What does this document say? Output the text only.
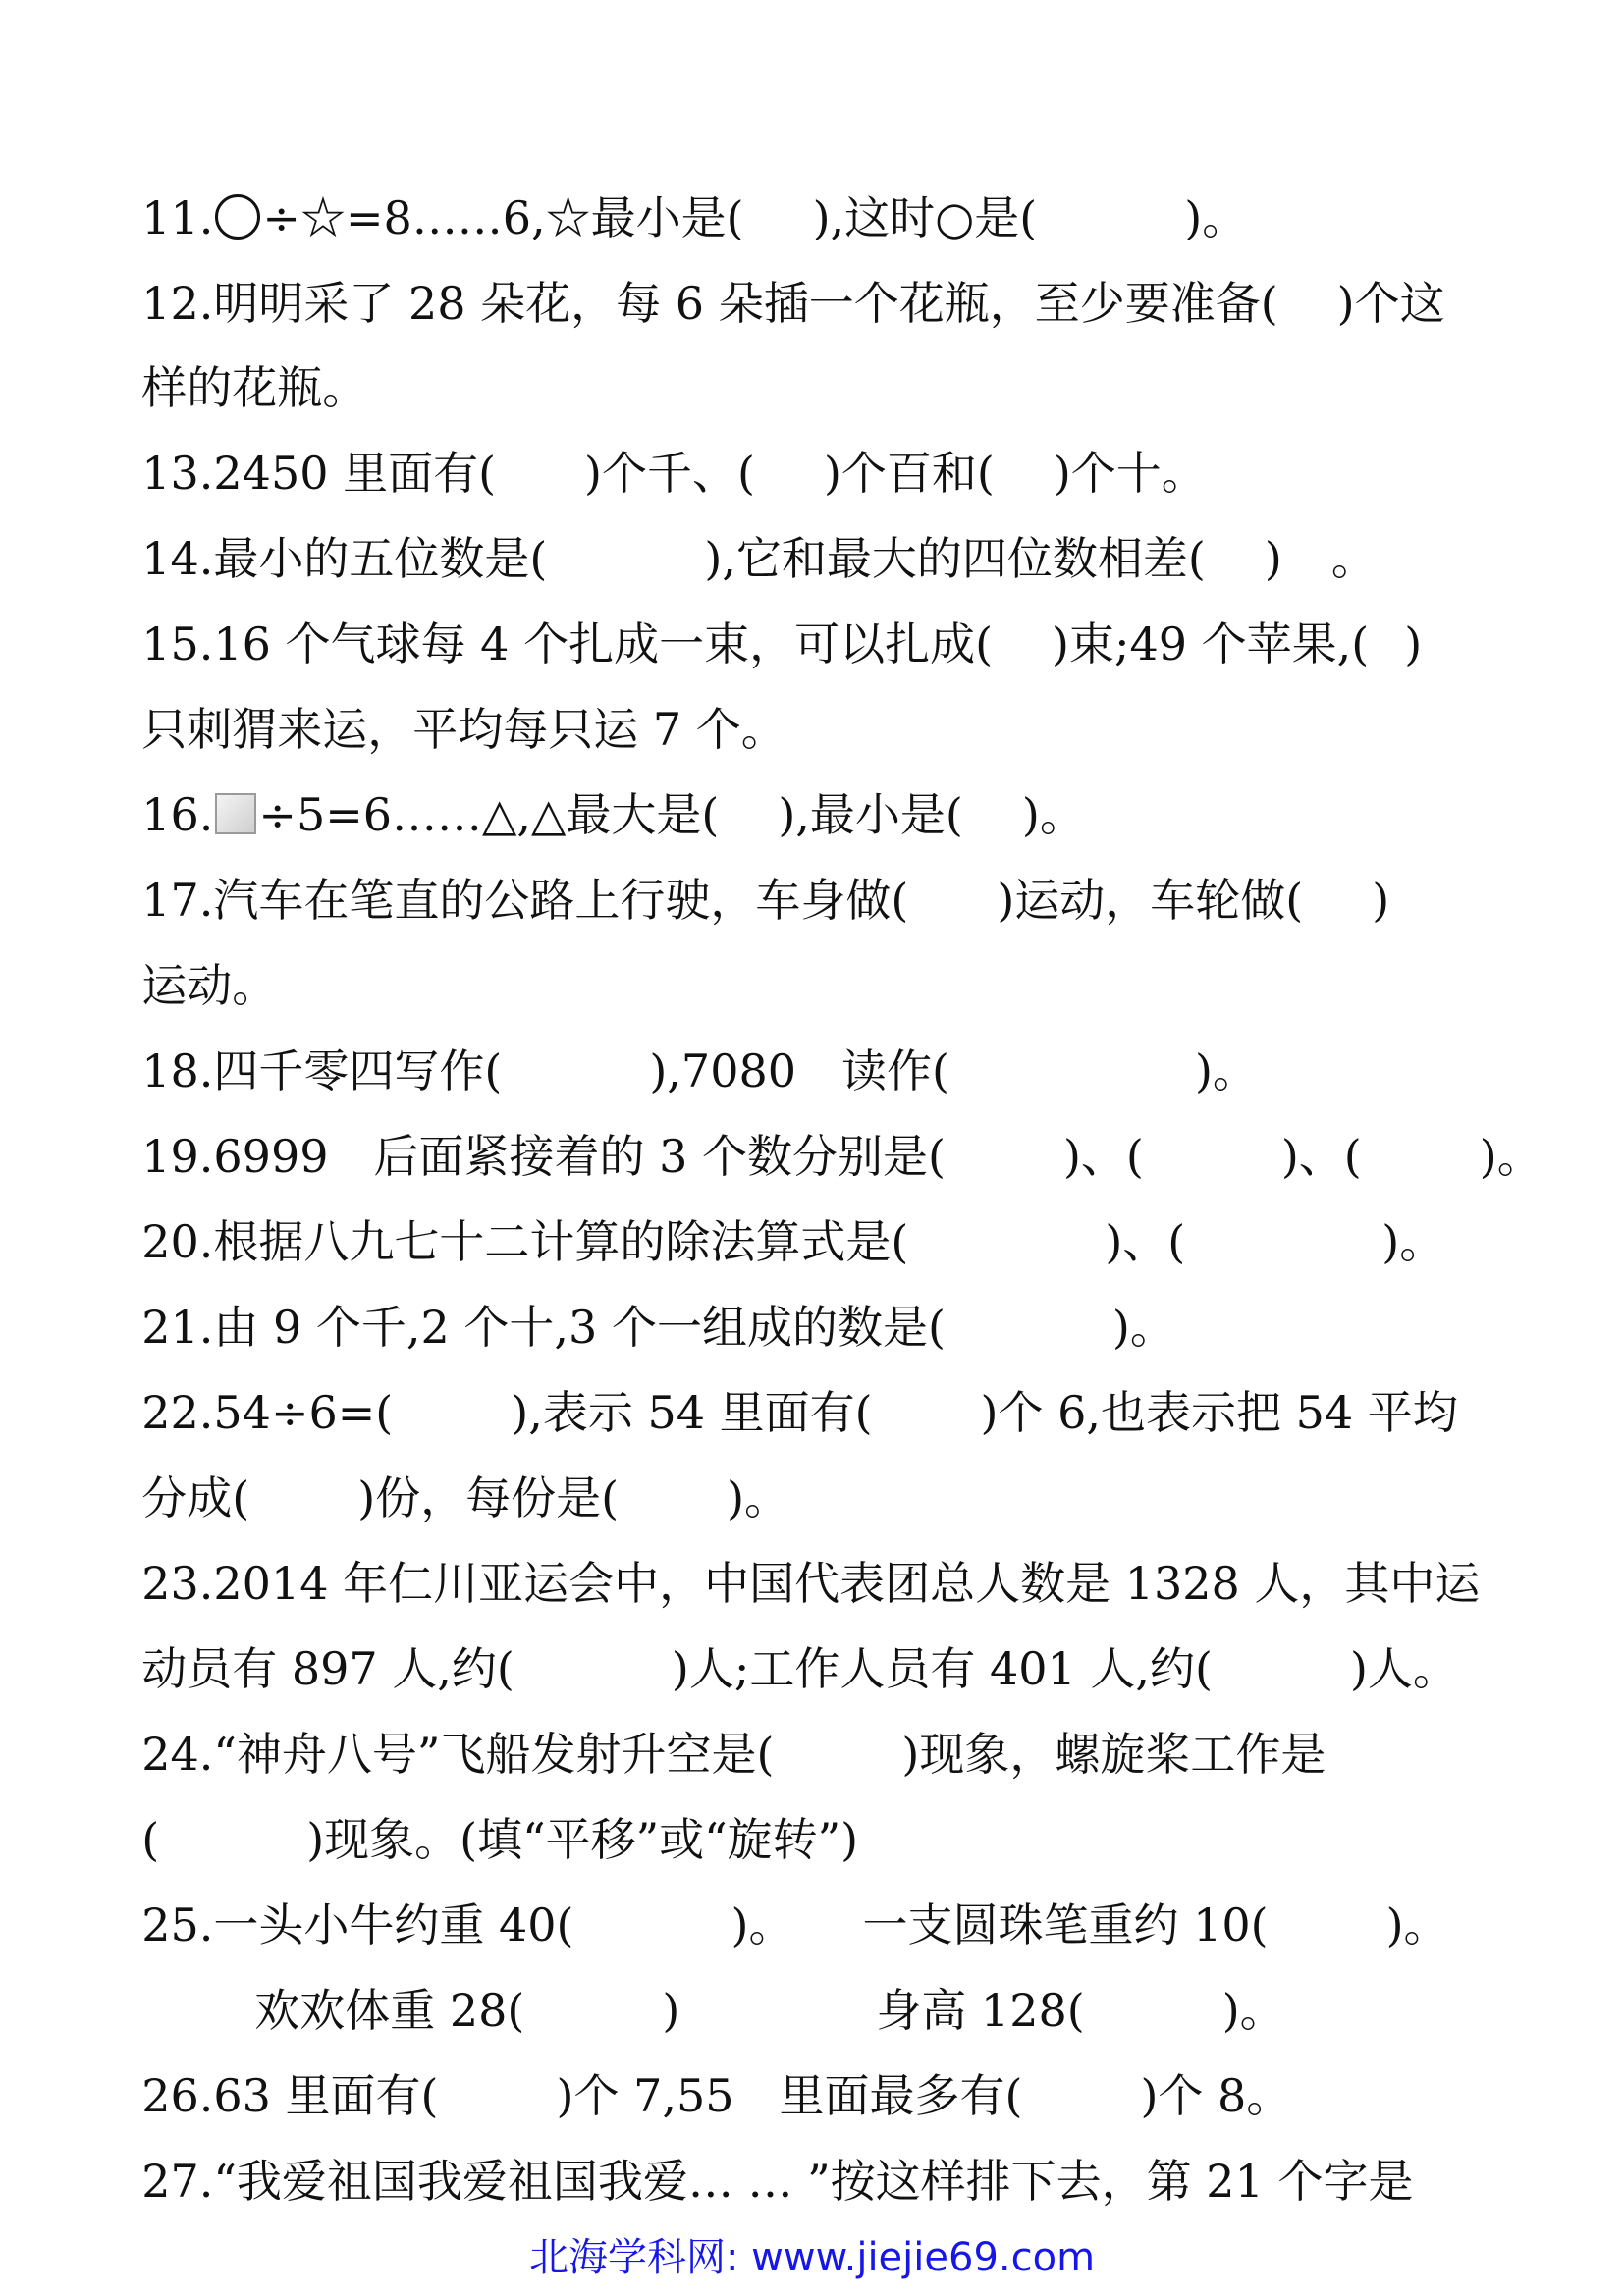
11. ÷☆=8……6,☆最小是( ),这时○是(	)。

12.明明采了 28 朵花，每 6 朵插一个花瓶，至少要准备( )个这

样的花瓶。

13.2450 里面有( )个千、( )个百和( )个十。

14.最小的五位数是(	),它和最大的四位数相差( ) 。

15.16 个气球每 4 个扎成一束，可以扎成( )束;49 个苹果,( )

只刺猬来运，平均每只运 7 个。

16. ÷5=6……△,△最大是( ),最小是( )。

17.汽车在笔直的公路上行驶，车身做( )运动，车轮做( )

运动。

18.四千零四写作(	),7080　读作(	)。

19.6999　后面紧接着的 3 个数分别是(	)、(	)、(	)。

20.根据八九七十二计算的除法算式是(	)、(	)。

21.由 9 个千,2 个十,3 个一组成的数是(	)。

22.54÷6=(	),表示 54 里面有( )个 6,也表示把 54 平均

分成( )份，每份是( )。

23.2014 年仁川亚运会中，中国代表团总人数是 1328 人，其中运

动员有 897 人,约(	)人;工作人员有 401 人,约(	)人。

24.“神舟八号”飞船发射升空是(	)现象，螺旋桨工作是

(	)现象。(填“平移”或“旋转”)

25.一头小牛约重 40(	)。 一支圆珠笔重约 10(	)。

欢欢体重 28(	)	身高 128(	)。

26.63 里面有(	)个 7,55　里面最多有(	)个 8。

27.“我爱祖国我爱祖国我爱… … ”按这样排下去，第 21 个字是

北海学科网: www.jiejie69.com
